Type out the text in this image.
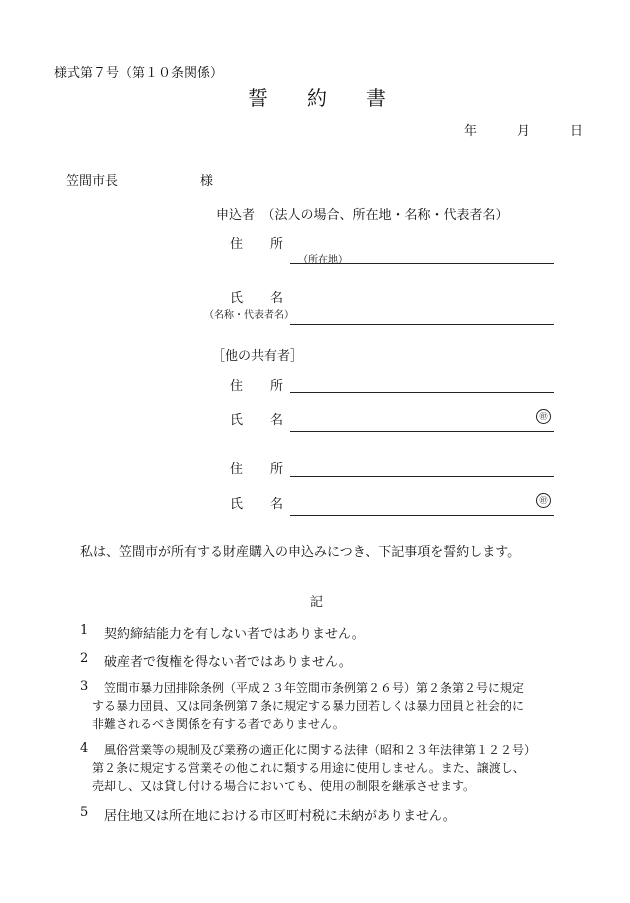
様式第７号（第１０条関係）
誓 約 書
年	月	日
笠間市長	様
申込者　（法人の場合、所在地・名称・代表者名）
住 所
（所在地）
氏 名
（名称・代表者名）
［他の共有者］
住 所
氏 名	㊞
住 所
氏 名	㊞
私は、笠間市が所有する財産購入の申込みにつき、下記事項を誓約します。
記
1 契約締結能力を有しない者ではありません。
2 破産者で復権を得ない者ではありません。
3 笠間市暴力団排除条例（平成２３年笠間市条例第２６号）第２条第２号に規定
する暴力団員、又は同条例第７条に規定する暴力団若しくは暴力団員と社会的に
非難されるべき関係を有する者でありません。
4 風俗営業等の規制及び業務の適正化に関する法律（昭和２３年法律第１２２号）
第２条に規定する営業その他これに類する用途に使用しません。また、譲渡し、
売却し、又は貸し付ける場合においても、使用の制限を継承させます。
5 居住地又は所在地における市区町村税に未納がありません。
